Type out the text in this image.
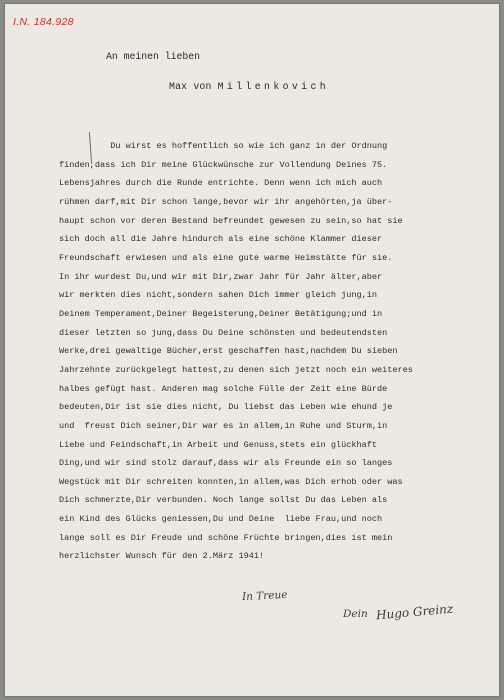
I.N. 184.928
An meinen lieben
Max von Millenkovich
Du wirst es hoffentlich so wie ich ganz in der Ordnung
finden,dass ich Dir meine Glückwünsche zur Vollendung Deines 75.
Lebensjahres durch die Runde entrichte. Denn wenn ich mich auch
rühmen darf,mit Dir schon lange,bevor wir ihr angehörten,ja über-
haupt schon vor deren Bestand befreundet gewesen zu sein,so hat sie
sich doch all die Jahre hindurch als eine schöne Klammer dieser
Freundschaft erwiesen und als eine gute warme Heimstätte für sie.
In ihr wurdest Du,und wir mit Dir,zwar Jahr für Jahr älter,aber
wir merkten dies nicht,sondern sahen Dich immer gleich jung,in
Deinem Temperament,Deiner Begeisterung,Deiner Betätigung;und in
dieser letzten so jung,dass Du Deine schönsten und bedeutendsten
Werke,drei gewaltige Bücher,erst geschaffen hast,nachdem Du sieben
Jahrzehnte zurückgelegt hattest,zu denen sich jetzt noch ein weiteres
halbes gefügt hast. Anderen mag solche Fülle der Zeit eine Bürde
bedeuten,Dir ist sie dies nicht, Du liebst das Leben wie ehund je
und  freust Dich seiner,Dir war es in allem,in Ruhe und Sturm,in
Liebe und Feindschaft,in Arbeit und Genuss,stets ein glückhaft
Ding,und wir sind stolz darauf,dass wir als Freunde ein so langes
Wegstück mit Dir schreiten konnten,in allem,was Dich erhob oder was
Dich schmerzte,Dir verbunden. Noch lange sollst Du das Leben als
ein Kind des Glücks geniessen,Du und Deine  liebe Frau,und noch
lange soll es Dir Freude und schöne Früchte bringen,dies ist mein
herzlichster Wunsch für den 2.März 1941!
In Treue
Dein Hugo Greinz
